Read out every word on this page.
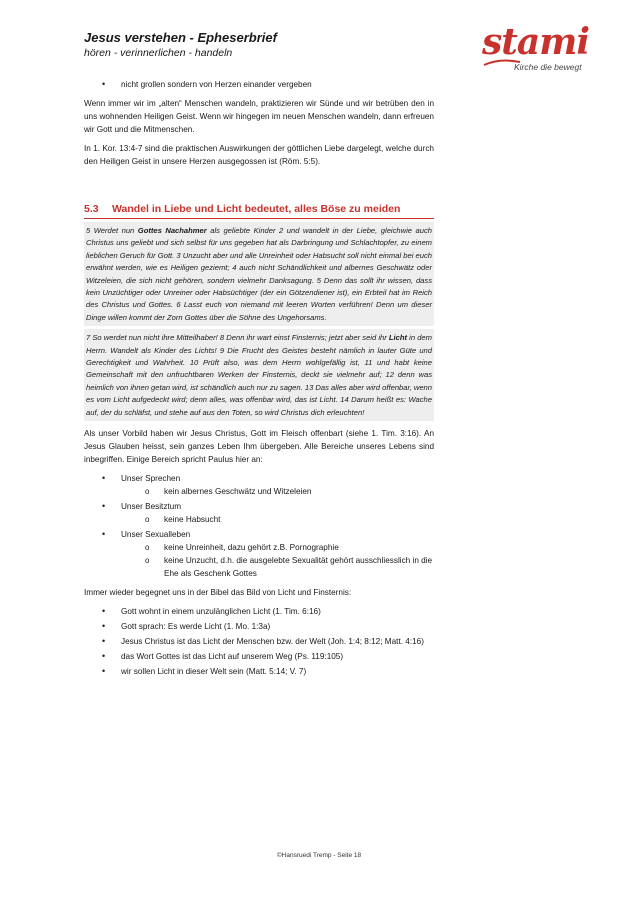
Jesus verstehen - Epheserbrief

hören - verinnerlichen - handeln	stami
Kirche die bewegt
• nicht grollen sondern von Herzen einander vergeben

Wenn immer wir im „alten“ Menschen wandeln, praktizieren wir Sünde und wir betrüben den in uns wohnenden Heiligen Geist. Wenn wir hingegen im neuen Menschen wandeln, dann erfreuen wir Gott und die Mitmenschen.

In 1. Kor. 13:4-7 sind die praktischen Auswirkungen der göttlichen Liebe dargelegt, welche durch den Heiligen Geist in unsere Herzen ausgegossen ist (Röm. 5:5).

5.3 Wandel in Liebe und Licht bedeutet, alles Böse zu meiden
5 Werdet nun Gottes Nachahmer als geliebte Kinder 2 und wandelt in der Liebe, gleichwie auch Christus uns geliebt und sich selbst für uns gegeben hat als Darbringung und Schlachtopfer, zu einem lieblichen Geruch für Gott. 3 Unzucht aber und alle Unreinheit oder Habsucht soll nicht einmal bei euch erwähnt werden, wie es Heiligen geziemt; 4 auch nicht Schändlichkeit und albernes Geschwätz oder Witzeleien, die sich nicht gehören, sondern vielmehr Danksagung. 5 Denn das sollt ihr wissen, dass kein Unzüchtiger oder Unreiner oder Habsüchtiger (der ein Götzendiener ist), ein Erbteil hat im Reich des Christus und Gottes. 6 Lasst euch von niemand mit leeren Worten verführen! Denn um dieser Dinge willen kommt der Zorn Gottes über die Söhne des Ungehorsams.
7 So werdet nun nicht ihre Mitteilhaber! 8 Denn ihr wart einst Finsternis; jetzt aber seid ihr Licht in dem Herrn. Wandelt als Kinder des Lichts! 9 Die Frucht des Geistes besteht nämlich in lauter Güte und Gerechtigkeit und Wahrheit. 10 Prüft also, was dem Herrn wohlgefällig ist, 11 und habt keine Gemeinschaft mit den unfruchtbaren Werken der Finsternis, deckt sie vielmehr auf; 12 denn was heimlich von ihnen getan wird, ist schändlich auch nur zu sagen. 13 Das alles aber wird offenbar, wenn es vom Licht aufgedeckt wird; denn alles, was offenbar wird, das ist Licht. 14 Darum heißt es: Wache auf, der du schläfst, und stehe auf aus den Toten, so wird Christus dich erleuchten!

Als unser Vorbild haben wir Jesus Christus, Gott im Fleisch offenbart (siehe 1. Tim. 3:16). An Jesus Glauben heisst, sein ganzes Leben Ihm übergeben. Alle Bereiche unseres Lebens sind inbegriffen. Einige Bereich spricht Paulus hier an:

• Unser Sprechen
o kein albernes Geschwätz und Witzeleien
• Unser Besitztum
o keine Habsucht
• Unser Sexualleben
o keine Unreinheit, dazu gehört z.B. Pornographie
o keine Unzucht, d.h. die ausgelebte Sexualität gehört ausschliesslich in die Ehe als Geschenk Gottes

Immer wieder begegnet uns in der Bibel das Bild von Licht und Finsternis:

• Gott wohnt in einem unzulänglichen Licht (1. Tim. 6:16)
• Gott sprach: Es werde Licht (1. Mo. 1:3a)
• Jesus Christus ist das Licht der Menschen bzw. der Welt (Joh. 1:4; 8:12; Matt. 4:16)
• das Wort Gottes ist das Licht auf unserem Weg (Ps. 119:105)
• wir sollen Licht in dieser Welt sein (Matt. 5:14; V. 7)
©Hansruedi Tremp - Seite 18
